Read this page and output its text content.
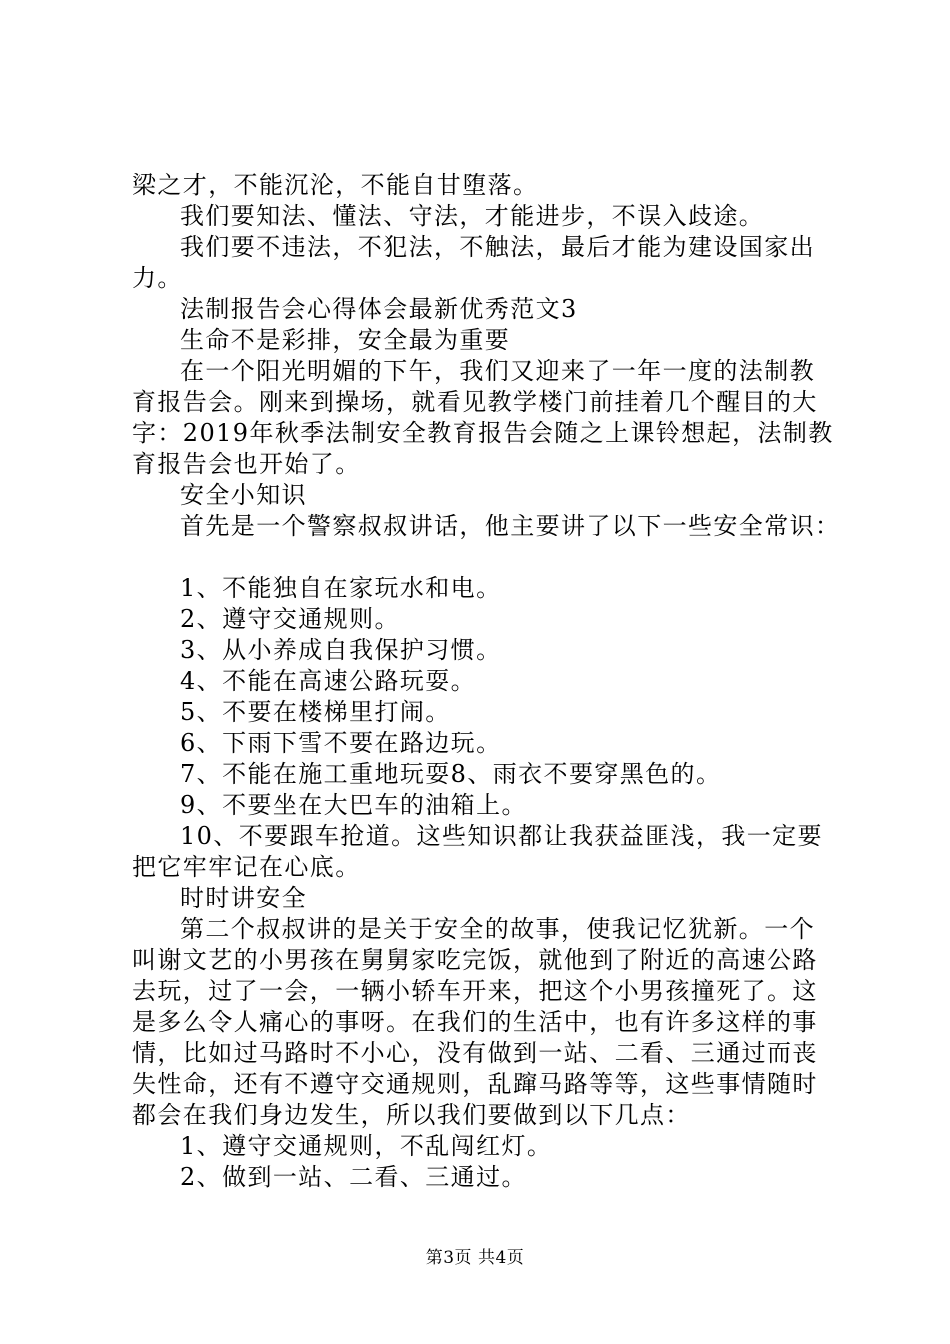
梁之才，不能沉沦，不能自甘堕落。
我们要知法、懂法、守法，才能进步，不误入歧途。
我们要不违法，不犯法，不触法，最后才能为建设国家出
力。
法制报告会心得体会最新优秀范文3
生命不是彩排，安全最为重要
在一个阳光明媚的下午，我们又迎来了一年一度的法制教
育报告会。刚来到操场，就看见教学楼门前挂着几个醒目的大
字：2019年秋季法制安全教育报告会随之上课铃想起，法制教
育报告会也开始了。
安全小知识
首先是一个警察叔叔讲话，他主要讲了以下一些安全常识：
1、不能独自在家玩水和电。
2、遵守交通规则。
3、从小养成自我保护习惯。
4、不能在高速公路玩耍。
5、不要在楼梯里打闹。
6、下雨下雪不要在路边玩。
7、不能在施工重地玩耍8、雨衣不要穿黑色的。
9、不要坐在大巴车的油箱上。
10、不要跟车抢道。这些知识都让我获益匪浅，我一定要
把它牢牢记在心底。
时时讲安全
第二个叔叔讲的是关于安全的故事，使我记忆犹新。一个
叫谢文艺的小男孩在舅舅家吃完饭，就他到了附近的高速公路
去玩，过了一会，一辆小轿车开来，把这个小男孩撞死了。这
是多么令人痛心的事呀。在我们的生活中，也有许多这样的事
情，比如过马路时不小心，没有做到一站、二看、三通过而丧
失性命，还有不遵守交通规则，乱蹿马路等等，这些事情随时
都会在我们身边发生，所以我们要做到以下几点：
1、遵守交通规则，不乱闯红灯。
2、做到一站、二看、三通过。
第3页 共4页
